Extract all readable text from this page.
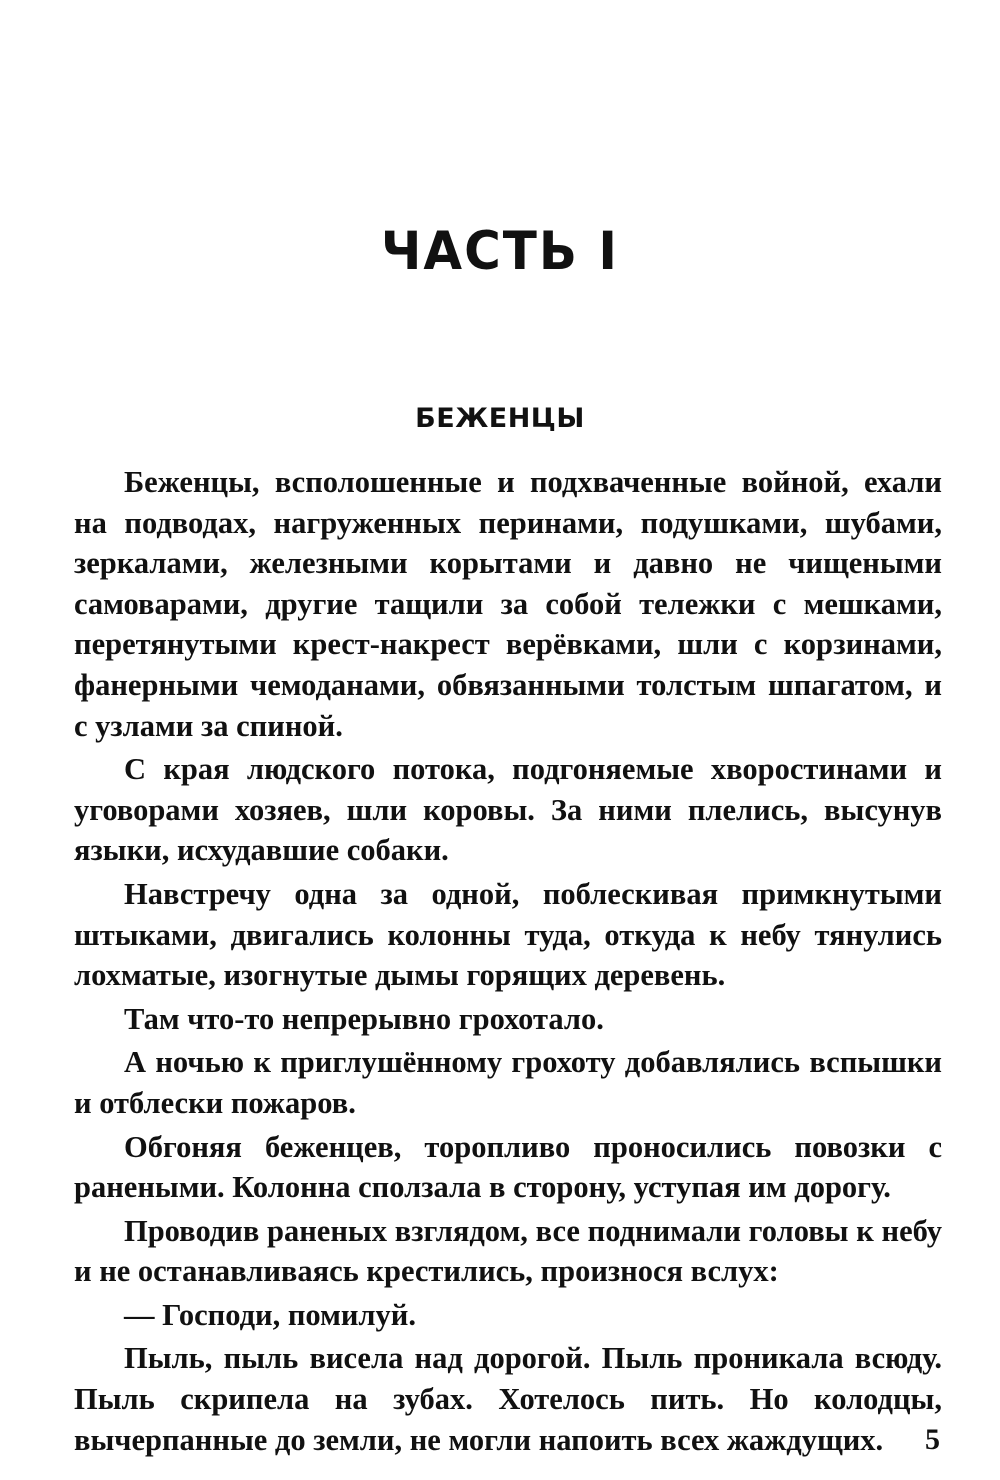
ЧАСТЬ I
БЕЖЕНЦЫ

Беженцы, всполошенные и подхваченные войной, ехали на подводах, нагруженных перинами, подушками, шубами, зеркалами, железными корытами и давно не чищеными самоварами, другие тащили за собой тележки с мешками, перетянутыми крест-накрест верёвками, шли с корзинами, фанерными чемоданами, обвязанными толстым шпагатом, и с узлами за спиной.

С края людского потока, подгоняемые хворостинами и уговорами хозяев, шли коровы. За ними плелись, высунув языки, исхудавшие собаки.

Навстречу одна за одной, поблескивая примкнутыми штыками, двигались колонны туда, откуда к небу тянулись лохматые, изогнутые дымы горящих деревень.

Там что-то непрерывно грохотало.

А ночью к приглушённому грохоту добавлялись вспышки и отблески пожаров.

Обгоняя беженцев, торопливо проносились повозки с ранеными. Колонна сползала в сторону, уступая им дорогу.

Проводив раненых взглядом, все поднимали головы к небу и не останавливаясь крестились, произнося вслух:

— Господи, помилуй.

Пыль, пыль висела над дорогой. Пыль проникала всюду. Пыль скрипела на зубах. Хотелось пить. Но колодцы, вычерпанные до земли, не могли напоить всех жаждущих.	5
